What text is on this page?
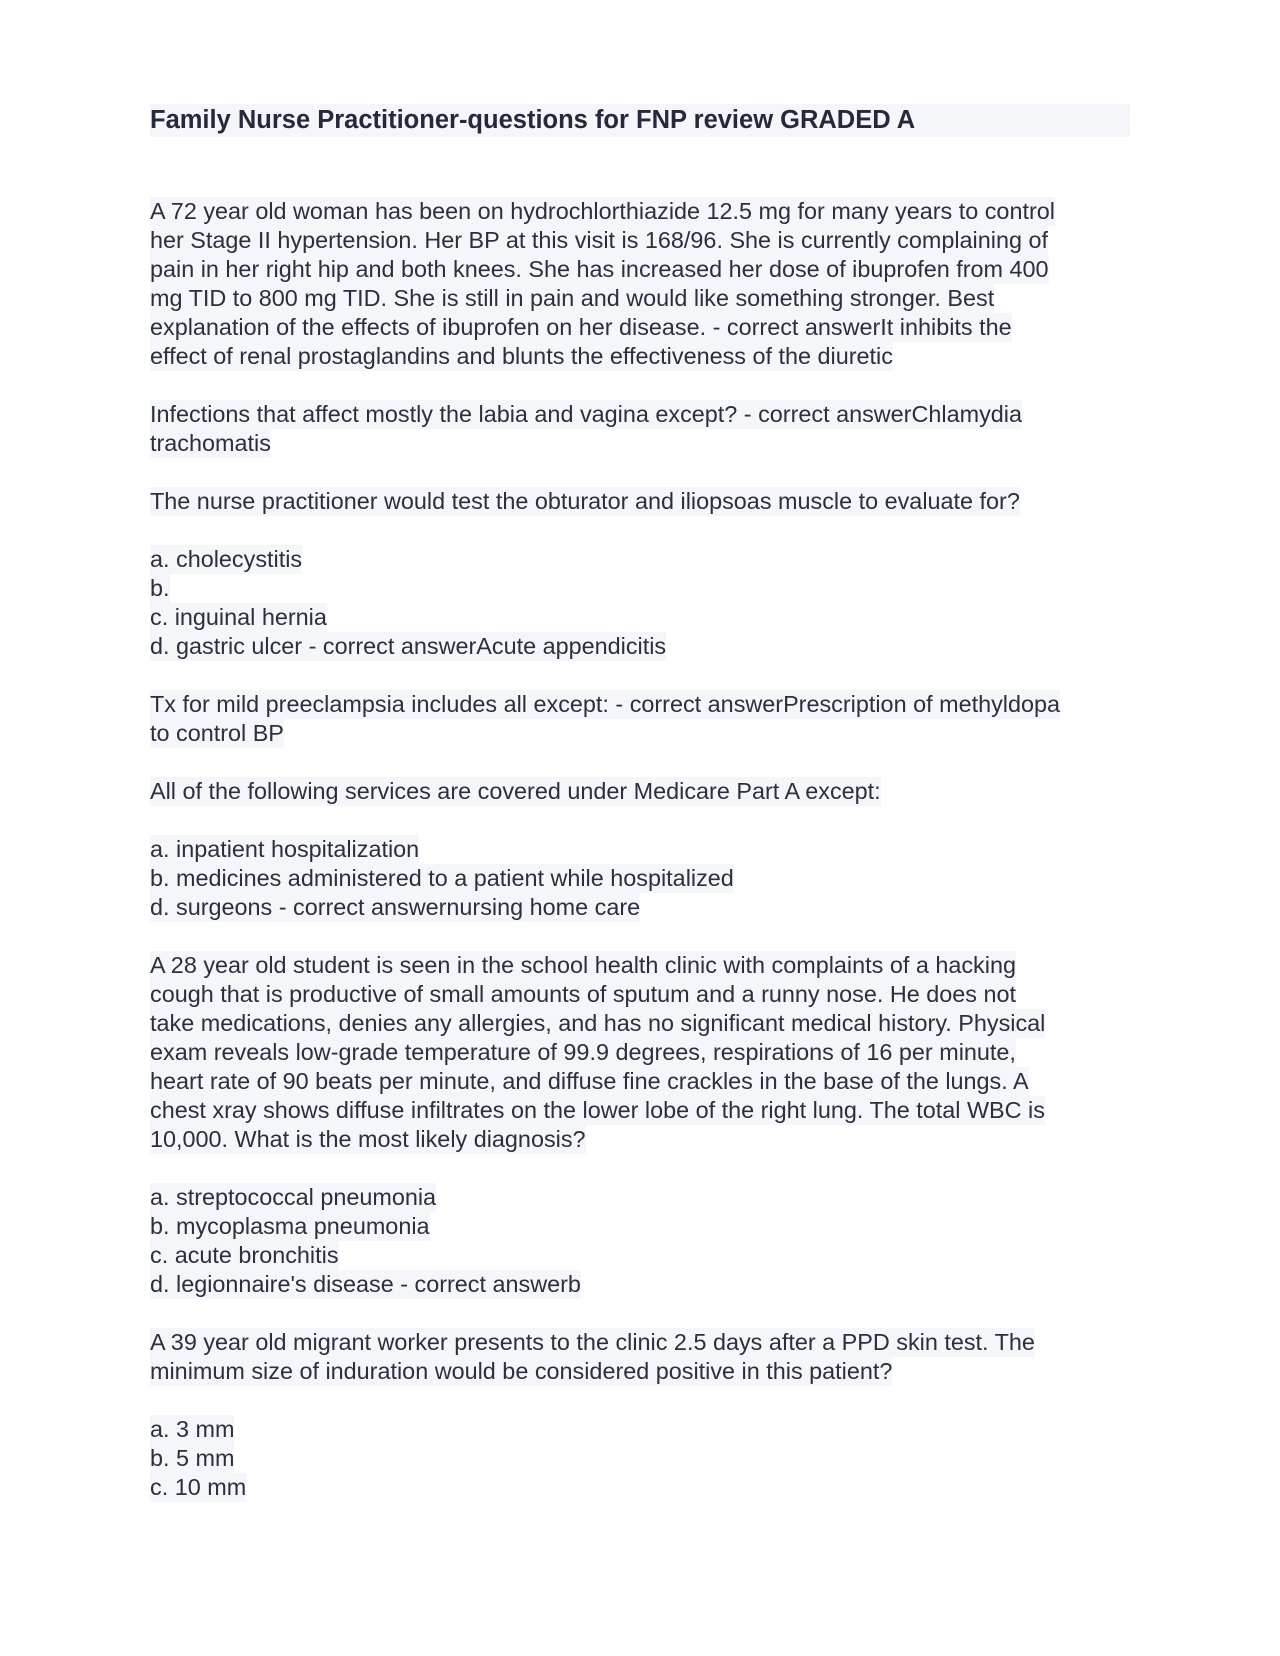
Family Nurse Practitioner-questions for FNP review GRADED A
A 72 year old woman has been on hydrochlorthiazide 12.5 mg for many years to control
her Stage II hypertension. Her BP at this visit is 168/96. She is currently complaining of
pain in her right hip and both knees. She has increased her dose of ibuprofen from 400
mg TID to 800 mg TID. She is still in pain and would like something stronger. Best
explanation of the effects of ibuprofen on her disease. - correct answerIt inhibits the
effect of renal prostaglandins and blunts the effectiveness of the diuretic
Infections that affect mostly the labia and vagina except? - correct answerChlamydia
trachomatis
The nurse practitioner would test the obturator and iliopsoas muscle to evaluate for?
a. cholecystitis
b.
c. inguinal hernia
d. gastric ulcer - correct answerAcute appendicitis
Tx for mild preeclampsia includes all except: - correct answerPrescription of methyldopa
to control BP
All of the following services are covered under Medicare Part A except:
a. inpatient hospitalization
b. medicines administered to a patient while hospitalized
d. surgeons - correct answernursing home care
A 28 year old student is seen in the school health clinic with complaints of a hacking
cough that is productive of small amounts of sputum and a runny nose. He does not
take medications, denies any allergies, and has no significant medical history. Physical
exam reveals low-grade temperature of 99.9 degrees, respirations of 16 per minute,
heart rate of 90 beats per minute, and diffuse fine crackles in the base of the lungs. A
chest xray shows diffuse infiltrates on the lower lobe of the right lung. The total WBC is
10,000. What is the most likely diagnosis?
a. streptococcal pneumonia
b. mycoplasma pneumonia
c. acute bronchitis
d. legionnaire's disease - correct answerb
A 39 year old migrant worker presents to the clinic 2.5 days after a PPD skin test. The
minimum size of induration would be considered positive in this patient?
a. 3 mm
b. 5 mm
c. 10 mm
